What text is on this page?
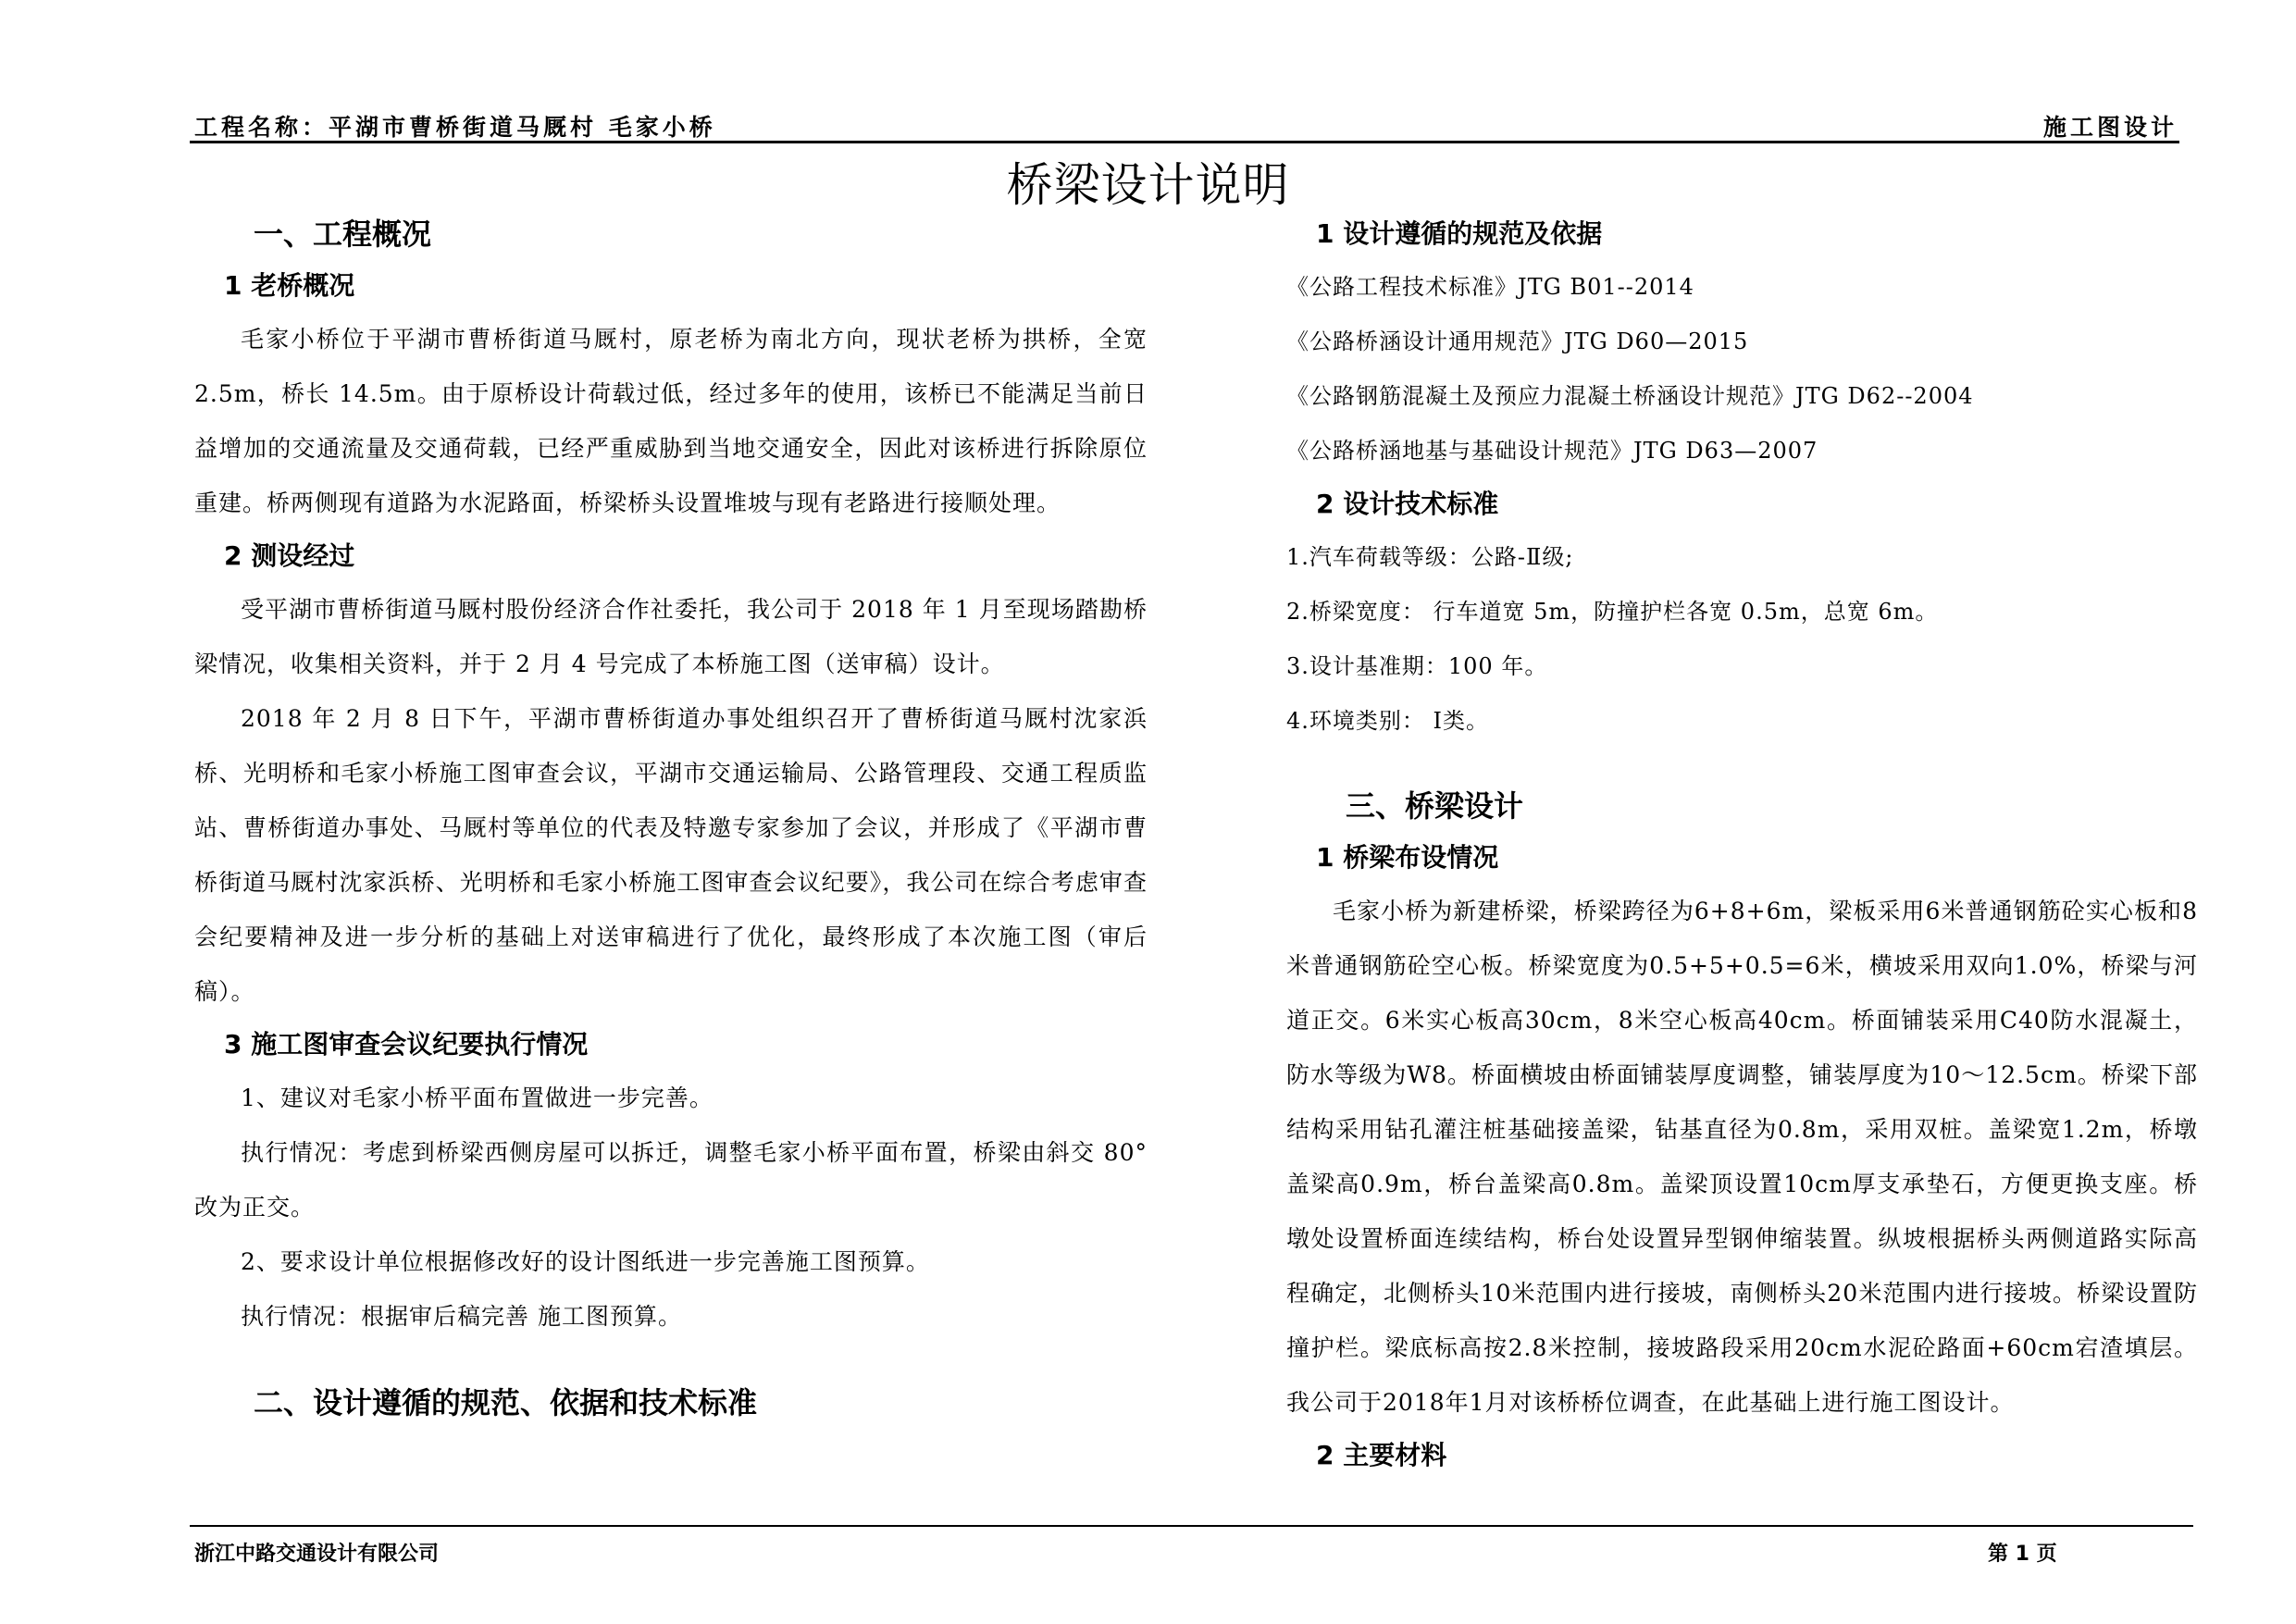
工程名称：平湖市曹桥街道马厩村 毛家小桥	施工图设计
桥梁设计说明
一、工程概况
1 老桥概况
毛家小桥位于平湖市曹桥街道马厩村，原老桥为南北方向，现状老桥为拱桥，全宽 2.5m，桥长 14.5m。由于原桥设计荷载过低，经过多年的使用，该桥已不能满足当前日益增加的交通流量及交通荷载，已经严重威胁到当地交通安全，因此对该桥进行拆除原位重建。桥两侧现有道路为水泥路面，桥梁桥头设置堆坡与现有老路进行接顺处理。
2 测设经过
受平湖市曹桥街道马厩村股份经济合作社委托，我公司于 2018 年 1 月至现场踏勘桥梁情况，收集相关资料，并于 2 月 4 号完成了本桥施工图（送审稿）设计。
2018 年 2 月 8 日下午，平湖市曹桥街道办事处组织召开了曹桥街道马厩村沈家浜桥、光明桥和毛家小桥施工图审查会议，平湖市交通运输局、公路管理段、交通工程质监站、曹桥街道办事处、马厩村等单位的代表及特邀专家参加了会议，并形成了《平湖市曹桥街道马厩村沈家浜桥、光明桥和毛家小桥施工图审查会议纪要》，我公司在综合考虑审查会纪要精神及进一步分析的基础上对送审稿进行了优化，最终形成了本次施工图（审后稿）。
3 施工图审查会议纪要执行情况
1、建议对毛家小桥平面布置做进一步完善。
执行情况：考虑到桥梁西侧房屋可以拆迁，调整毛家小桥平面布置，桥梁由斜交 80° 改为正交。
2、要求设计单位根据修改好的设计图纸进一步完善施工图预算。
执行情况：根据审后稿完善 施工图预算。
二、设计遵循的规范、依据和技术标准
1 设计遵循的规范及依据
《公路工程技术标准》JTG B01--2014
《公路桥涵设计通用规范》JTG D60—2015
《公路钢筋混凝土及预应力混凝土桥涵设计规范》JTG D62--2004
《公路桥涵地基与基础设计规范》JTG D63—2007
2 设计技术标准
1.汽车荷载等级：公路-Ⅱ级;
2.桥梁宽度： 行车道宽 5m，防撞护栏各宽 0.5m，总宽 6m。
3.设计基准期：100 年。
4.环境类别： Ⅰ类。
三、桥梁设计
1 桥梁布设情况
毛家小桥为新建桥梁，桥梁跨径为6+8+6m，梁板采用6米普通钢筋砼实心板和8米普通钢筋砼空心板。桥梁宽度为0.5+5+0.5=6米，横坡采用双向1.0%，桥梁与河道正交。6米实心板高30cm，8米空心板高40cm。桥面铺装采用C40防水混凝土，防水等级为W8。桥面横坡由桥面铺装厚度调整，铺装厚度为10～12.5cm。桥梁下部结构采用钻孔灌注桩基础接盖梁，钻基直径为0.8m，采用双桩。盖梁宽1.2m，桥墩盖梁高0.9m，桥台盖梁高0.8m。盖梁顶设置10cm厚支承垫石，方便更换支座。桥墩处设置桥面连续结构，桥台处设置异型钢伸缩装置。纵坡根据桥头两侧道路实际高程确定，北侧桥头10米范围内进行接坡，南侧桥头20米范围内进行接坡。桥梁设置防撞护栏。梁底标高按2.8米控制，接坡路段采用20cm水泥砼路面+60cm宕渣填层。我公司于2018年1月对该桥桥位调查，在此基础上进行施工图设计。
2 主要材料
浙江中路交通设计有限公司	第 1 页
